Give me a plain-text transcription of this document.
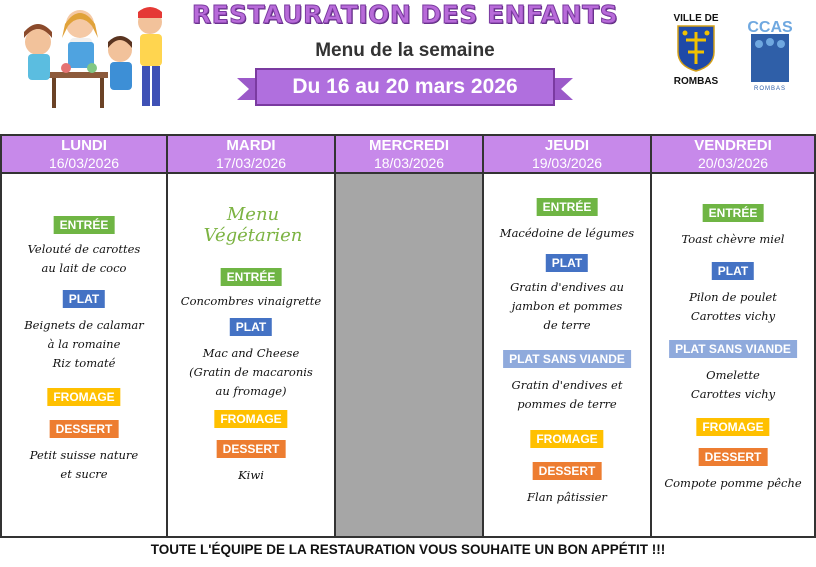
RESTAURATION DES ENFANTS
Menu de la semaine
Du 16 au 20 mars 2026
VILLE DE
ROMBAS
CCAS
ROMBAS
LUNDI
16/03/2026
ENTRÉE
Velouté de carottes
au lait de coco
PLAT
Beignets de calamar
à la romaine
Riz tomaté
FROMAGE
DESSERT
Petit suisse nature
et sucre
MARDI
17/03/2026
Menu Végétarien
ENTRÉE
Concombres vinaigrette
PLAT
Mac and Cheese
(Gratin de macaronis
au fromage)
FROMAGE
DESSERT
Kiwi
MERCREDI
18/03/2026
JEUDI
19/03/2026
ENTRÉE
Macédoine de légumes
PLAT
Gratin d'endives au
jambon et pommes
de terre
PLAT SANS VIANDE
Gratin d'endives et
pommes de terre
FROMAGE
DESSERT
Flan pâtissier
VENDREDI
20/03/2026
ENTRÉE
Toast chèvre miel
PLAT
Pilon de poulet
Carottes vichy
PLAT SANS VIANDE
Omelette
Carottes vichy
FROMAGE
DESSERT
Compote pomme pêche
TOUTE L'ÉQUIPE DE LA RESTAURATION VOUS SOUHAITE UN BON APPÉTIT !!!
